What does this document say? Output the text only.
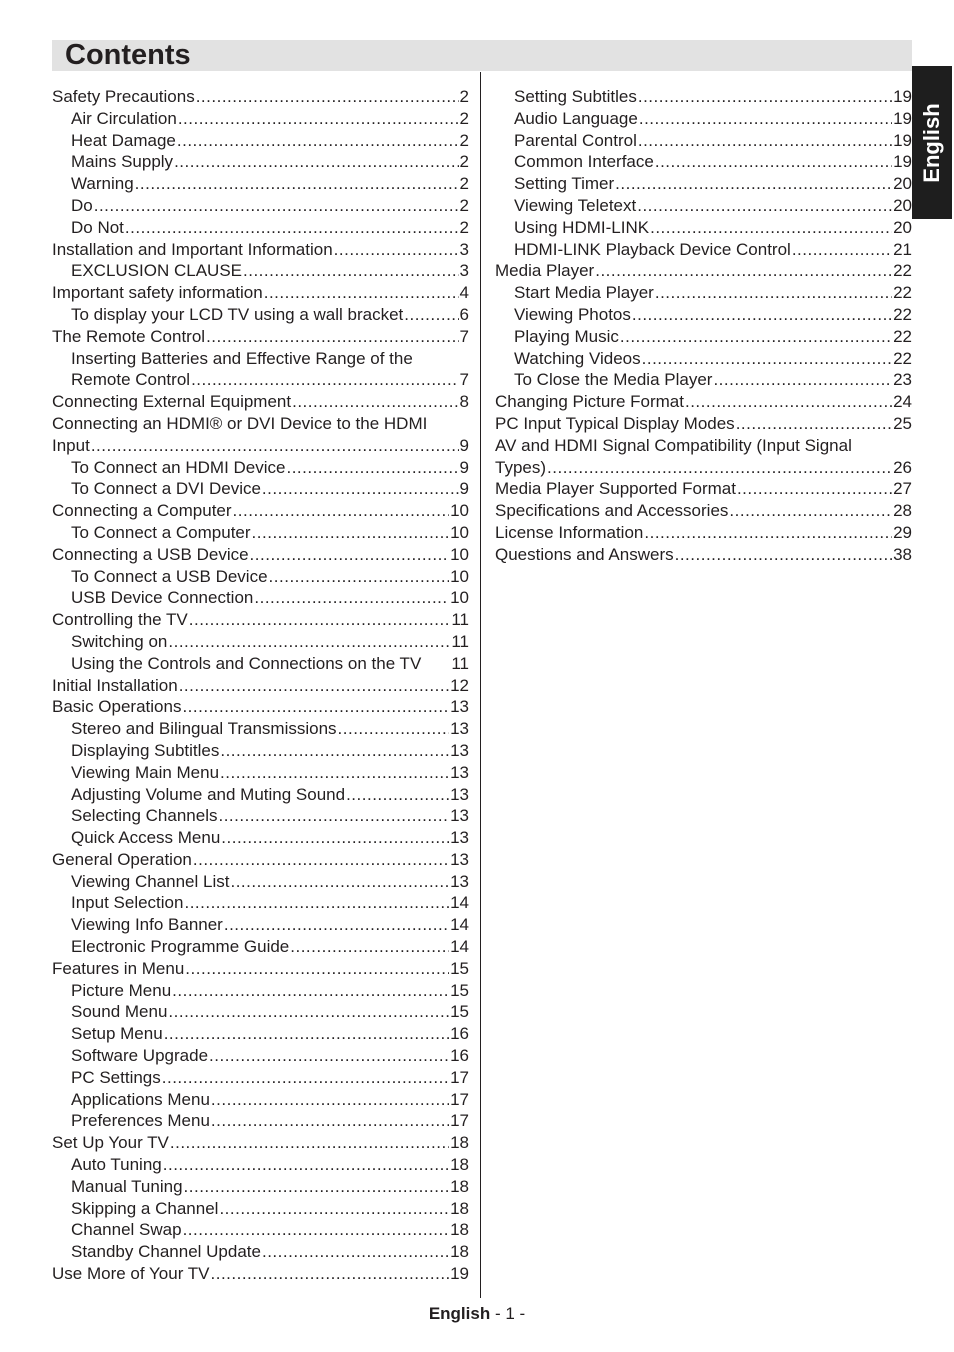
Contents
English
Safety Precautions .....	2
Air Circulation .....	2
Heat Damage .....	2
Mains Supply .....	2
Warning .....	2
Do .....	2
Do Not .....	2
Installation and Important Information .....	3
EXCLUSION CLAUSE .....	3
Important safety information .....	4
To display your LCD TV using a wall bracket .....	6
The Remote Control .....	7
Inserting Batteries and Effective Range of the
Remote Control .....	7
Connecting External Equipment .....	8
Connecting an HDMI® or DVI Device to the HDMI
Input .....	9
To Connect an HDMI Device .....	9
To Connect a DVI Device .....	9
Connecting a Computer .....	10
To Connect a Computer .....	10
Connecting a USB Device .....	10
To Connect a USB Device .....	10
USB Device Connection .....	10
Controlling the TV .....	11
Switching on .....	11
Using the Controls and Connections on the TV 11
Initial Installation .....	12
Basic Operations .....	13
Stereo and Bilingual Transmissions .....	13
Displaying Subtitles .....	13
Viewing Main Menu .....	13
Adjusting Volume and Muting Sound .....	13
Selecting Channels .....	13
Quick Access Menu .....	13
General Operation .....	13
Viewing Channel List .....	13
Input Selection .....	14
Viewing Info Banner .....	14
Electronic Programme Guide .....	14
Features in Menu .....	15
Picture Menu .....	15
Sound Menu .....	15
Setup Menu .....	16
Software Upgrade .....	16
PC Settings .....	17
Applications Menu .....	17
Preferences Menu .....	17
Set Up Your TV .....	18
Auto Tuning .....	18
Manual Tuning .....	18
Skipping a Channel .....	18
Channel Swap .....	18
Standby Channel Update .....	18
Use More of Your TV .....	19
Setting Subtitles .....	19
Audio Language .....	19
Parental Control .....	19
Common Interface .....	19
Setting Timer .....	20
Viewing Teletext .....	20
Using HDMI-LINK .....	20
HDMI-LINK Playback Device Control .....	21
Media Player .....	22
Start Media Player .....	22
Viewing Photos .....	22
Playing Music .....	22
Watching Videos .....	22
To Close the Media Player .....	23
Changing Picture Format .....	24
PC Input Typical Display Modes .....	25
AV and HDMI Signal Compatibility (Input Signal
Types) .....	26
Media Player Supported Format .....	27
Specifications and Accessories .....	28
License Information .....	29
Questions and Answers .....	38
English - 1 -
